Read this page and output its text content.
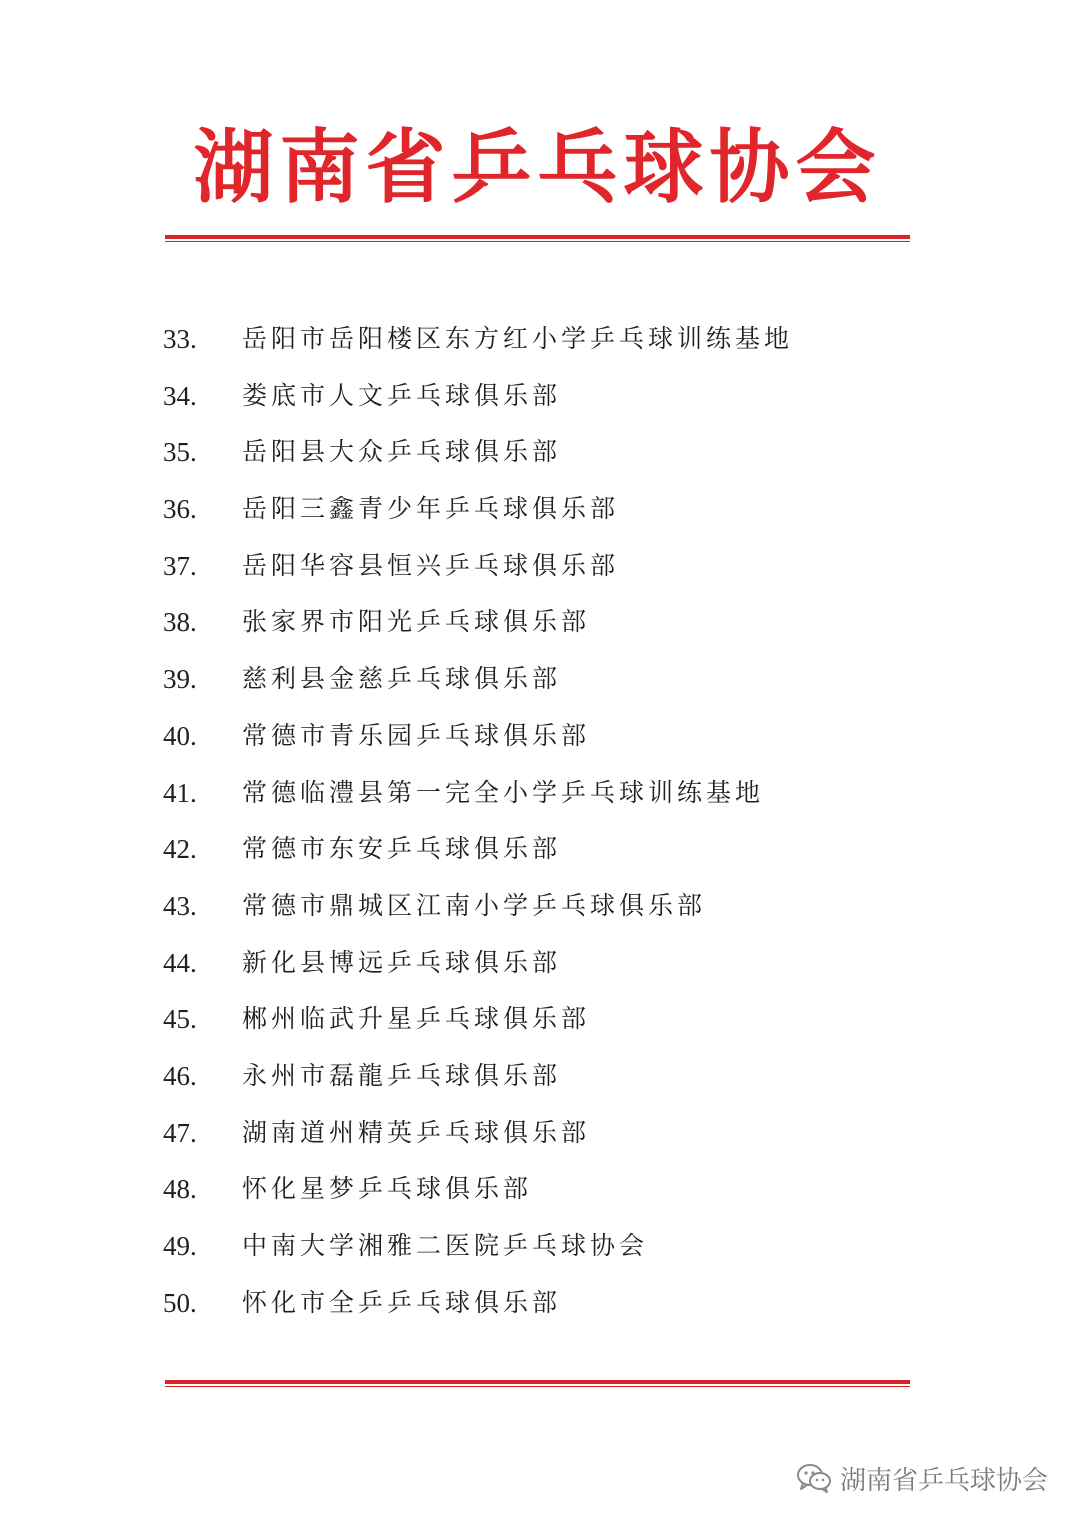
湖南省乒乓球协会
33. 岳阳市岳阳楼区东方红小学乒乓球训练基地
34. 娄底市人文乒乓球俱乐部
35. 岳阳县大众乒乓球俱乐部
36. 岳阳三鑫青少年乒乓球俱乐部
37. 岳阳华容县恒兴乒乓球俱乐部
38. 张家界市阳光乒乓球俱乐部
39. 慈利县金慈乒乓球俱乐部
40. 常德市青乐园乒乓球俱乐部
41. 常德临澧县第一完全小学乒乓球训练基地
42. 常德市东安乒乓球俱乐部
43. 常德市鼎城区江南小学乒乓球俱乐部
44. 新化县博远乒乓球俱乐部
45. 郴州临武升星乒乓球俱乐部
46. 永州市磊龍乒乓球俱乐部
47. 湖南道州精英乒乓球俱乐部
48. 怀化星梦乒乓球俱乐部
49. 中南大学湘雅二医院乒乓球协会
50. 怀化市全乒乒乓球俱乐部
湖南省乒乓球协会
